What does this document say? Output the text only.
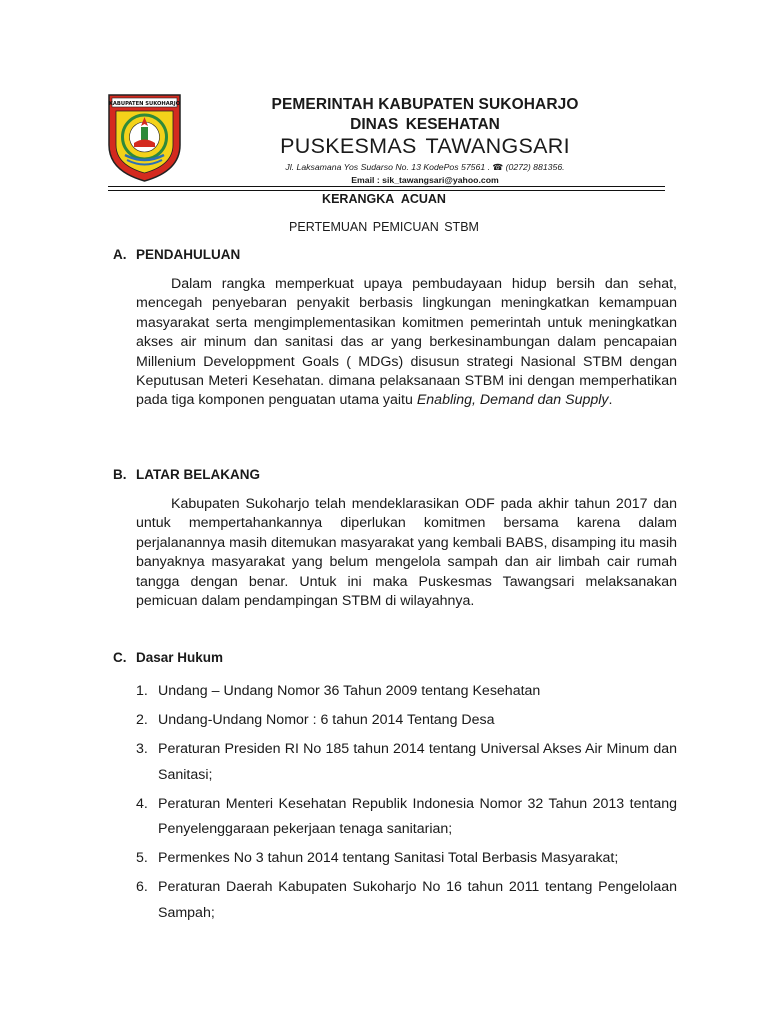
KABUPATEN SUKOHARJO	PEMERINTAH KABUPATEN SUKOHARJO
DINAS KESEHATAN
PUSKESMAS TAWANGSARI
Jl. Laksamana Yos Sudarso No. 13 KodePos 57561 . ☎ (0272) 881356.
Email : sik_tawangsari@yahoo.com
KERANGKA ACUAN
PERTEMUAN PEMICUAN STBM
A. PENDAHULUAN

Dalam rangka memperkuat upaya pembudayaan hidup bersih dan sehat, mencegah penyebaran penyakit berbasis lingkungan meningkatkan kemampuan masyarakat serta mengimplementasikan komitmen pemerintah untuk meningkatkan akses air minum dan sanitasi das ar yang berkesinambungan dalam pencapaian Millenium Developpment Goals ( MDGs) disusun strategi Nasional STBM dengan Keputusan Meteri Kesehatan. dimana pelaksanaan STBM ini dengan memperhatikan pada tiga komponen penguatan utama yaitu Enabling, Demand dan Supply.

B. LATAR BELAKANG

Kabupaten Sukoharjo telah mendeklarasikan ODF pada akhir tahun 2017 dan untuk mempertahankannya diperlukan komitmen bersama karena dalam perjalanannya masih ditemukan masyarakat yang kembali BABS, disamping itu masih banyaknya masyarakat yang belum mengelola sampah dan air limbah cair rumah tangga dengan benar. Untuk ini maka Puskesmas Tawangsari melaksanakan pemicuan dalam pendampingan STBM di wilayahnya.

C. Dasar Hukum
1. Undang – Undang Nomor 36 Tahun 2009 tentang Kesehatan
2. Undang-Undang Nomor : 6 tahun 2014 Tentang Desa
3. Peraturan Presiden RI No 185 tahun 2014 tentang Universal Akses Air Minum dan Sanitasi;
4. Peraturan Menteri Kesehatan Republik Indonesia Nomor 32 Tahun 2013 tentang Penyelenggaraan pekerjaan tenaga sanitarian;
5. Permenkes No 3 tahun 2014 tentang Sanitasi Total Berbasis Masyarakat;
6. Peraturan Daerah Kabupaten Sukoharjo No 16 tahun 2011 tentang Pengelolaan Sampah;
